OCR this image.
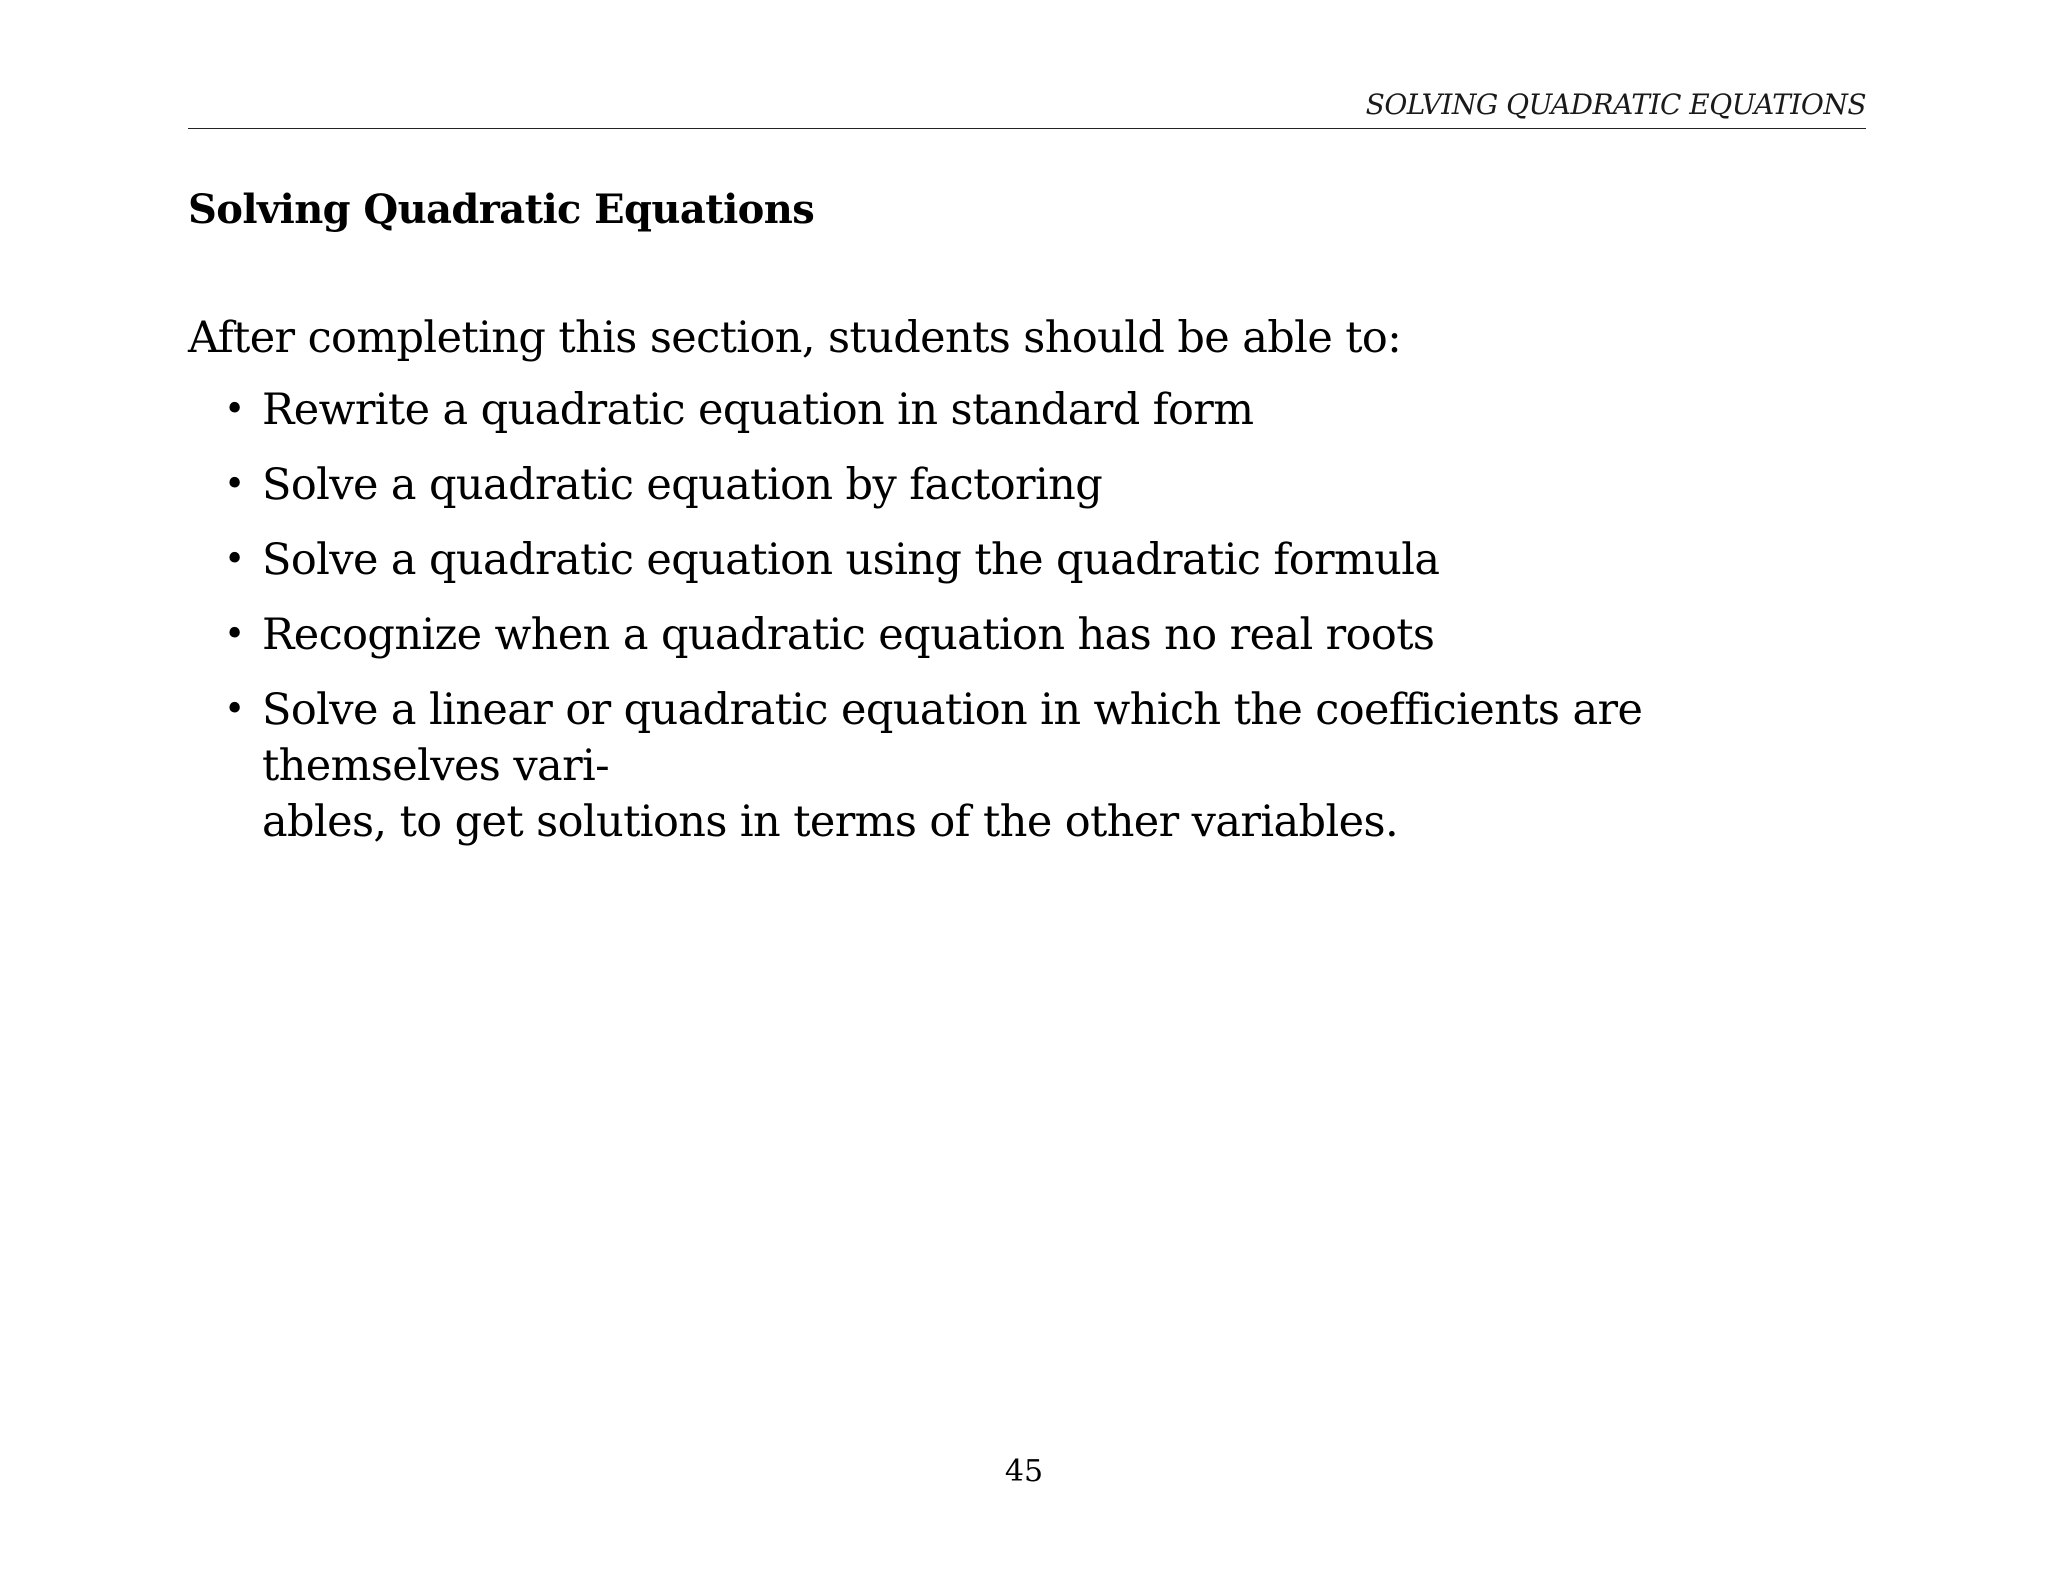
SOLVING QUADRATIC EQUATIONS
Solving Quadratic Equations
After completing this section, students should be able to:
• Rewrite a quadratic equation in standard form
• Solve a quadratic equation by factoring
• Solve a quadratic equation using the quadratic formula
• Recognize when a quadratic equation has no real roots
• Solve a linear or quadratic equation in which the coefficients are themselves vari-
ables, to get solutions in terms of the other variables.
45
